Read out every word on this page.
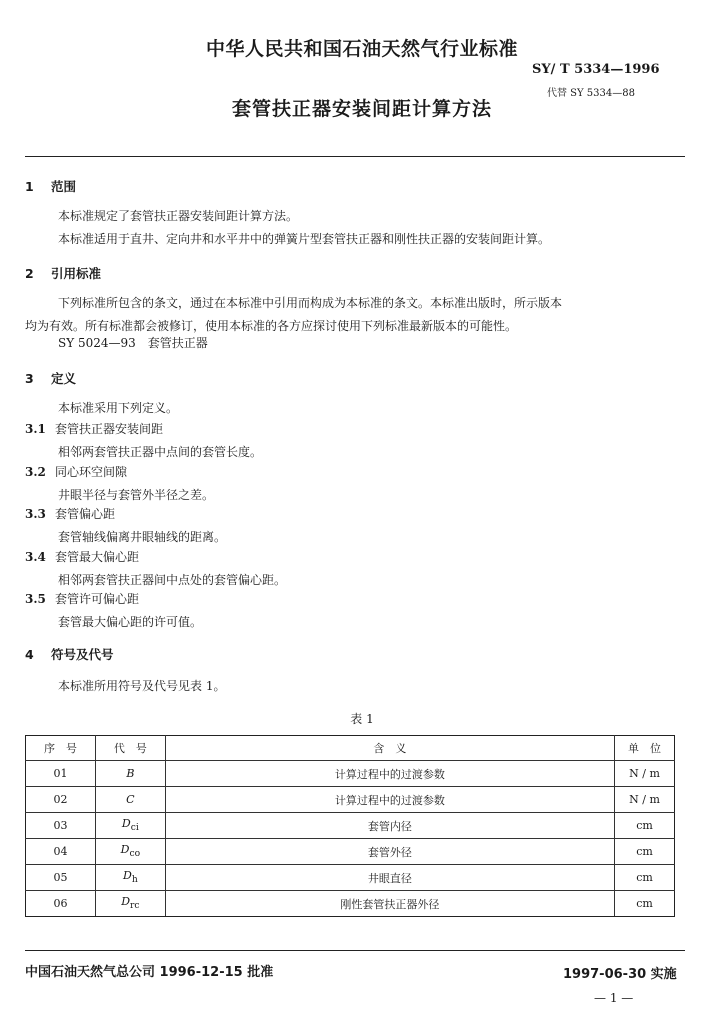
中华人民共和国石油天然气行业标准
SY/ T 5334—1996
代替 SY 5334—88
套管扶正器安装间距计算方法
1 范围
本标准规定了套管扶正器安装间距计算方法。
本标准适用于直井、定向井和水平井中的弹簧片型套管扶正器和刚性扶正器的安装间距计算。
2 引用标准
下列标准所包含的条文，通过在本标准中引用而构成为本标准的条文。本标准出版时，所示版本
均为有效。所有标准都会被修订，使用本标准的各方应探讨使用下列标准最新版本的可能性。
SY 5024—93　套管扶正器
3 定义
本标准采用下列定义。
3.1 套管扶正器安装间距
相邻两套管扶正器中点间的套管长度。
3.2 同心环空间隙
井眼半径与套管外半径之差。
3.3 套管偏心距
套管轴线偏离井眼轴线的距离。
3.4 套管最大偏心距
相邻两套管扶正器间中点处的套管偏心距。
3.5 套管许可偏心距
套管最大偏心距的许可值。
4 符号及代号
本标准所用符号及代号见表 1。
表 1
序　号	代　号	含　义	单　位
01	B	计算过程中的过渡参数	N / m
02	C	计算过程中的过渡参数	N / m
03	$D_{ci}$	套管内径	cm
04	$D_{co}$	套管外径	cm
05	$D_h$	井眼直径	cm
06	$D_{rc}$	刚性套管扶正器外径	cm
中国石油天然气总公司 1996-12-15 批准	1997-06-30 实施
— 1 —
